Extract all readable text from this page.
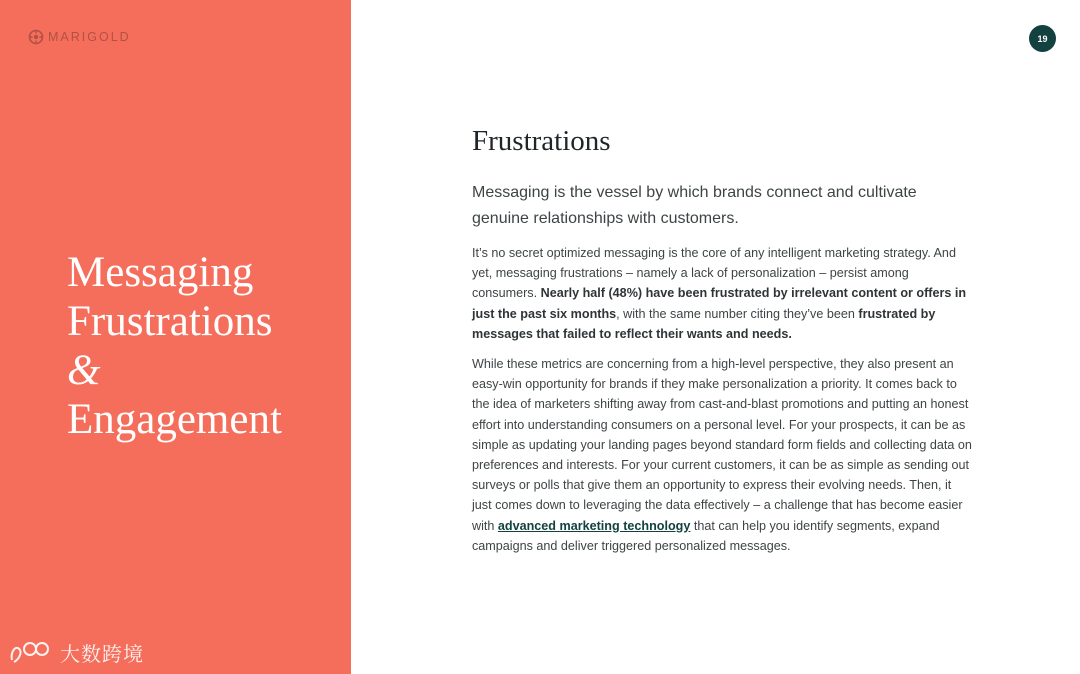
MARIGOLD
Messaging
Frustrations
&
Engagement
大数跨境
19
Frustrations

Messaging is the vessel by which brands connect and cultivate genuine relationships with customers.

It’s no secret optimized messaging is the core of any intelligent marketing strategy. And yet, messaging frustrations – namely a lack of personalization – persist among consumers. Nearly half (48%) have been frustrated by irrelevant content or offers in just the past six months, with the same number citing they’ve been frustrated by messages that failed to reflect their wants and needs.

While these metrics are concerning from a high-level perspective, they also present an easy-win opportunity for brands if they make personalization a priority. It comes back to the idea of marketers shifting away from cast-and-blast promotions and putting an honest effort into understanding consumers on a personal level. For your prospects, it can be as simple as updating your landing pages beyond standard form fields and collecting data on preferences and interests. For your current customers, it can be as simple as sending out surveys or polls that give them an opportunity to express their evolving needs. Then, it just comes down to leveraging the data effectively – a challenge that has become easier with advanced marketing technology that can help you identify segments, expand campaigns and deliver triggered personalized messages.
